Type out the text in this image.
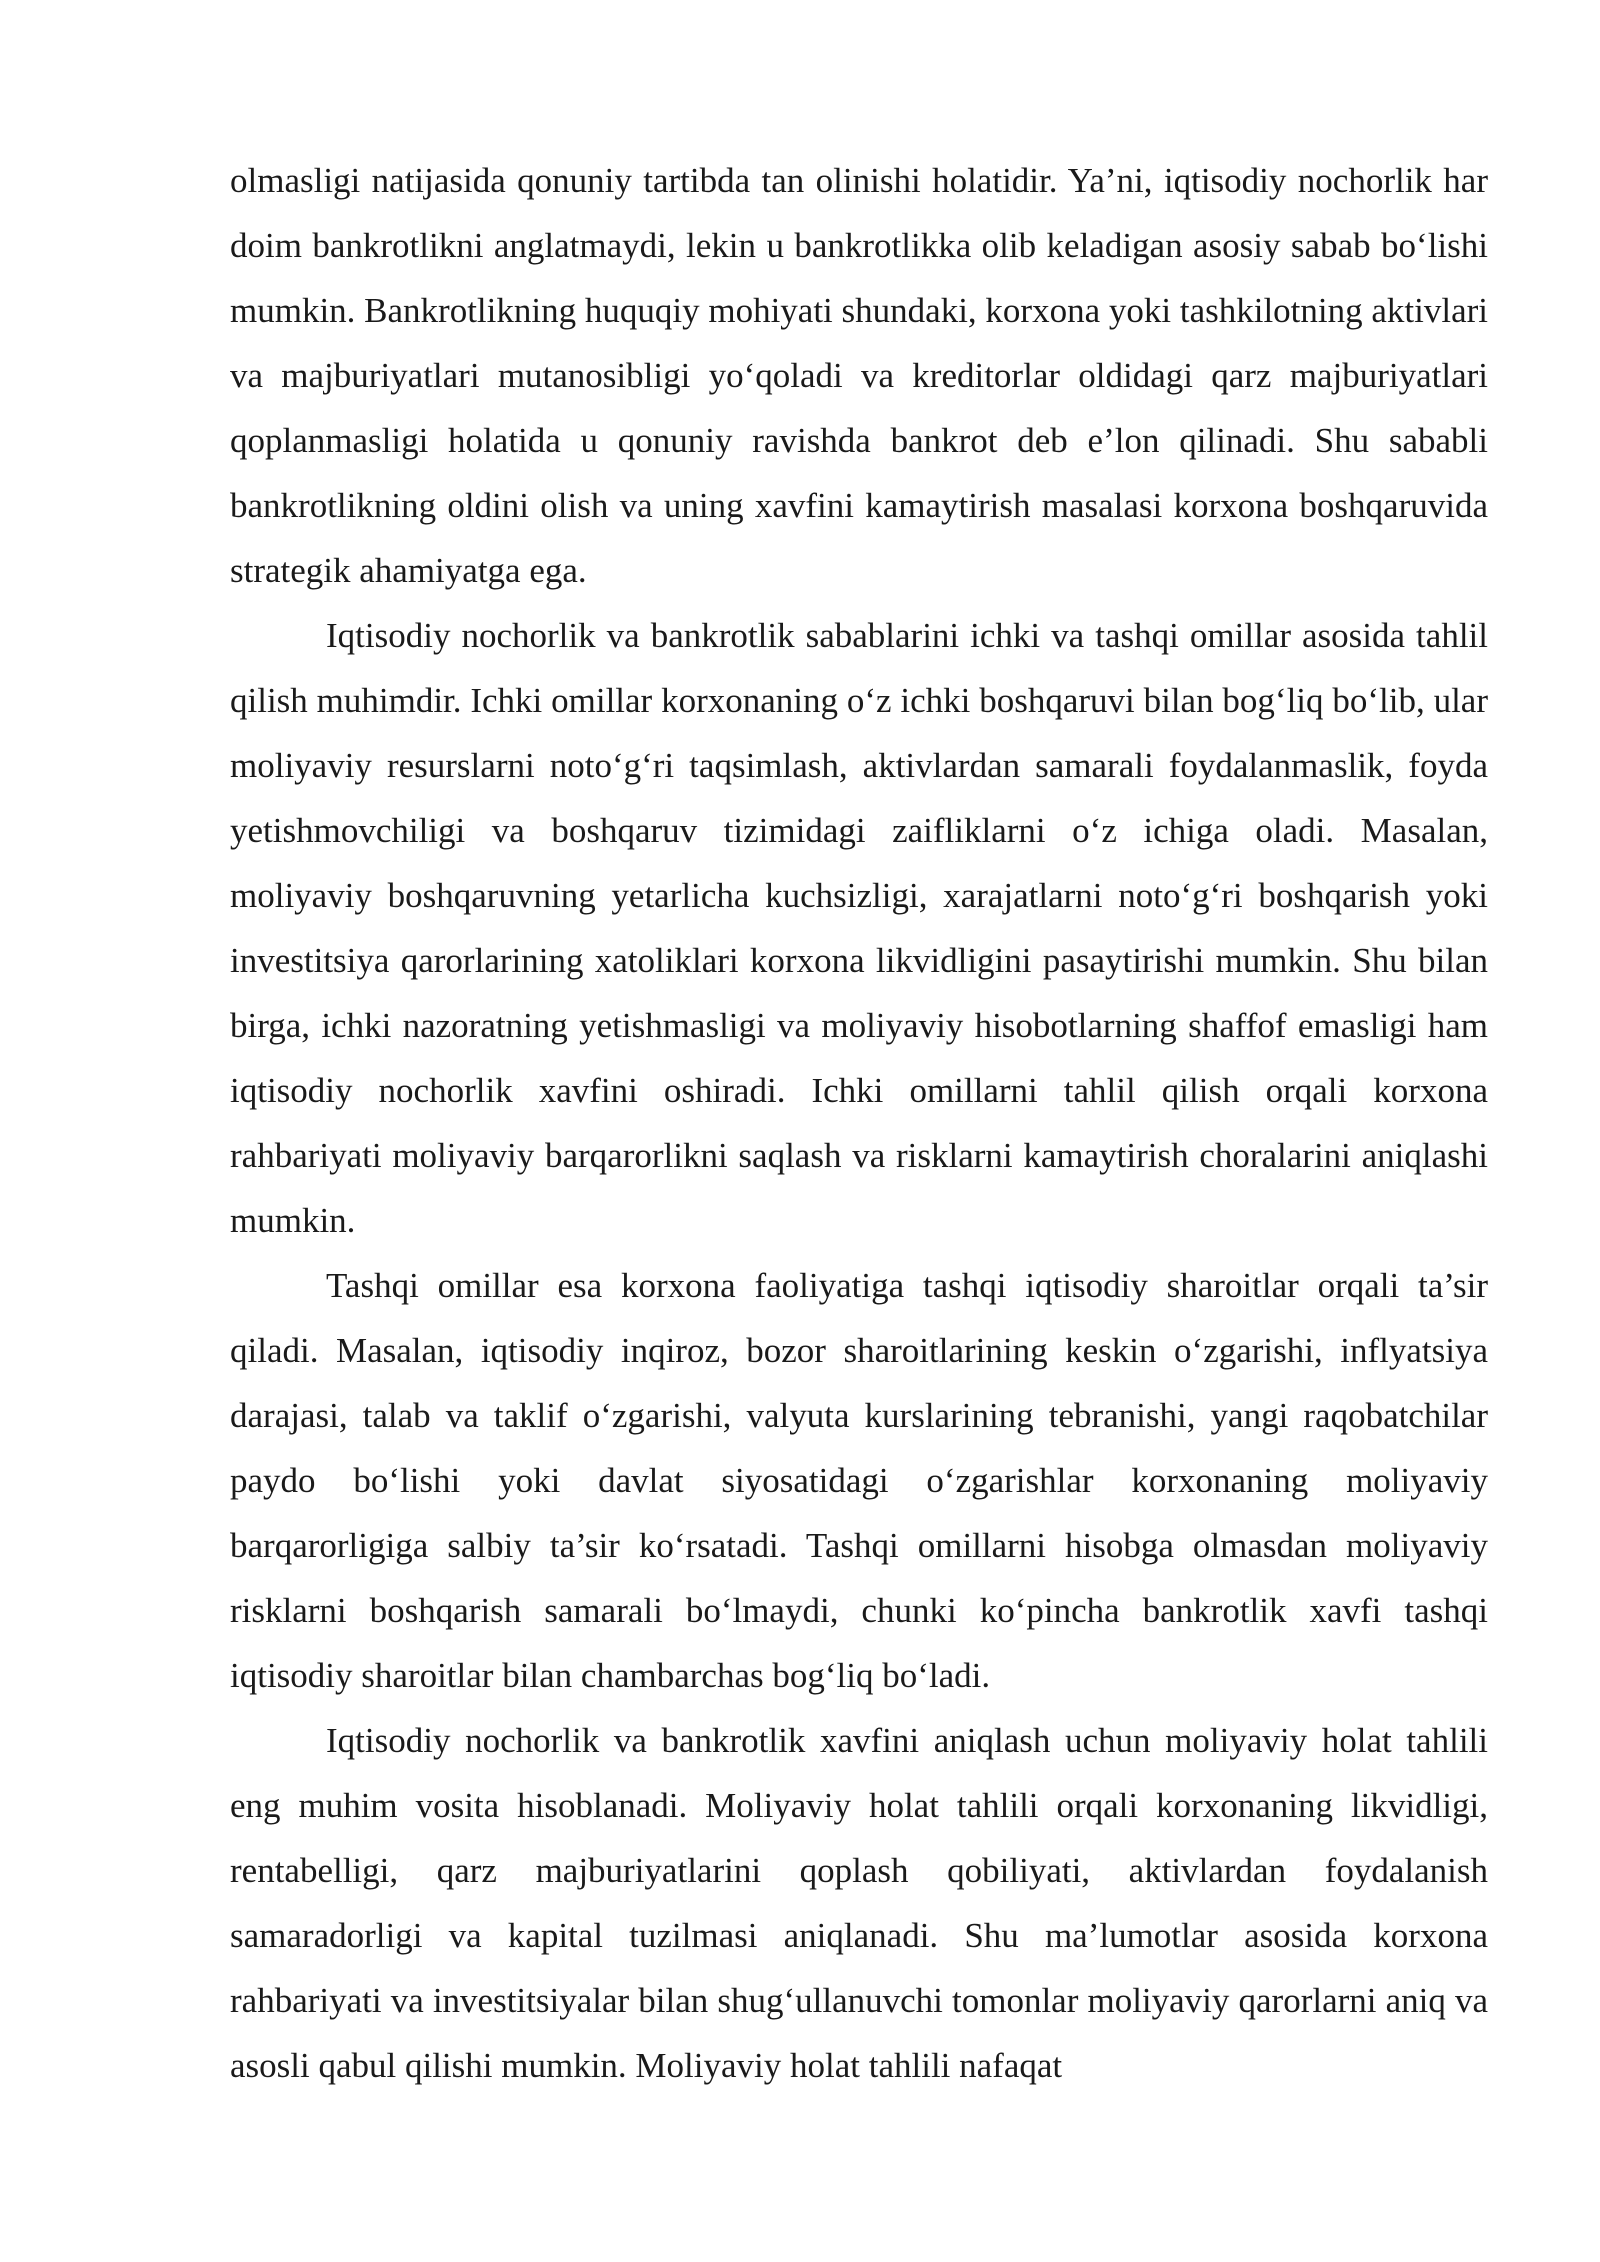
olmasligi natijasida qonuniy tartibda tan olinishi holatidir. Ya’ni, iqtisodiy nochorlik har doim bankrotlikni anglatmaydi, lekin u bankrotlikka olib keladigan asosiy sabab bo‘lishi mumkin. Bankrotlikning huquqiy mohiyati shundaki, korxona yoki tashkilotning aktivlari va majburiyatlari mutanosibligi yo‘qoladi va kreditorlar oldidagi qarz majburiyatlari qoplanmasligi holatida u qonuniy ravishda bankrot deb e’lon qilinadi. Shu sababli bankrotlikning oldini olish va uning xavfini kamaytirish masalasi korxona boshqaruvida strategik ahamiyatga ega.

Iqtisodiy nochorlik va bankrotlik sabablarini ichki va tashqi omillar asosida tahlil qilish muhimdir. Ichki omillar korxonaning o‘z ichki boshqaruvi bilan bog‘liq bo‘lib, ular moliyaviy resurslarni noto‘g‘ri taqsimlash, aktivlardan samarali foydalanmaslik, foyda yetishmovchiligi va boshqaruv tizimidagi zaifliklarni o‘z ichiga oladi. Masalan, moliyaviy boshqaruvning yetarlicha kuchsizligi, xarajatlarni noto‘g‘ri boshqarish yoki investitsiya qarorlarining xatoliklari korxona likvidligini pasaytirishi mumkin. Shu bilan birga, ichki nazoratning yetishmasligi va moliyaviy hisobotlarning shaffof emasligi ham iqtisodiy nochorlik xavfini oshiradi. Ichki omillarni tahlil qilish orqali korxona rahbariyati moliyaviy barqarorlikni saqlash va risklarni kamaytirish choralarini aniqlashi mumkin.

Tashqi omillar esa korxona faoliyatiga tashqi iqtisodiy sharoitlar orqali ta’sir qiladi. Masalan, iqtisodiy inqiroz, bozor sharoitlarining keskin o‘zgarishi, inflyatsiya darajasi, talab va taklif o‘zgarishi, valyuta kurslarining tebranishi, yangi raqobatchilar paydo bo‘lishi yoki davlat siyosatidagi o‘zgarishlar korxonaning moliyaviy barqarorligiga salbiy ta’sir ko‘rsatadi. Tashqi omillarni hisobga olmasdan moliyaviy risklarni boshqarish samarali bo‘lmaydi, chunki ko‘pincha bankrotlik xavfi tashqi iqtisodiy sharoitlar bilan chambarchas bog‘liq bo‘ladi.

Iqtisodiy nochorlik va bankrotlik xavfini aniqlash uchun moliyaviy holat tahlili eng muhim vosita hisoblanadi. Moliyaviy holat tahlili orqali korxonaning likvidligi, rentabelligi, qarz majburiyatlarini qoplash qobiliyati, aktivlardan foydalanish samaradorligi va kapital tuzilmasi aniqlanadi. Shu ma’lumotlar asosida korxona rahbariyati va investitsiyalar bilan shug‘ullanuvchi tomonlar moliyaviy qarorlarni aniq va asosli qabul qilishi mumkin. Moliyaviy holat tahlili nafaqat
